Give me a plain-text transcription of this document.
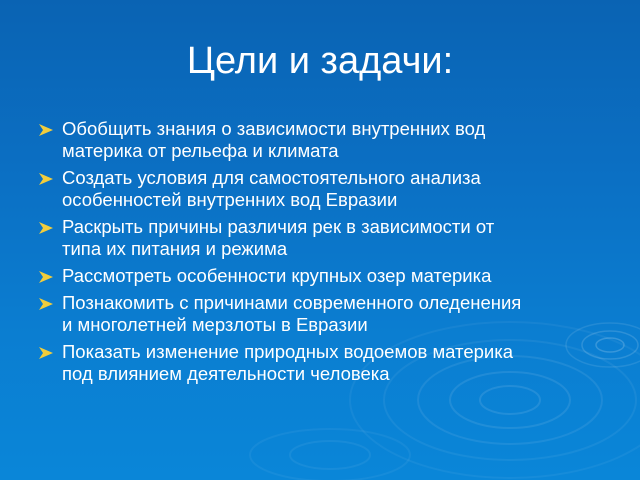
Цели и задачи:
Обобщить знания о зависимости внутренних вод
материка от рельефа и климата
Создать условия для самостоятельного анализа
особенностей внутренних вод Евразии
Раскрыть причины различия рек в зависимости от
типа их питания и режима
Рассмотреть особенности крупных озер материка
Познакомить с причинами современного оледенения
и многолетней мерзлоты в Евразии
Показать изменение природных водоемов материка
под влиянием деятельности человека
